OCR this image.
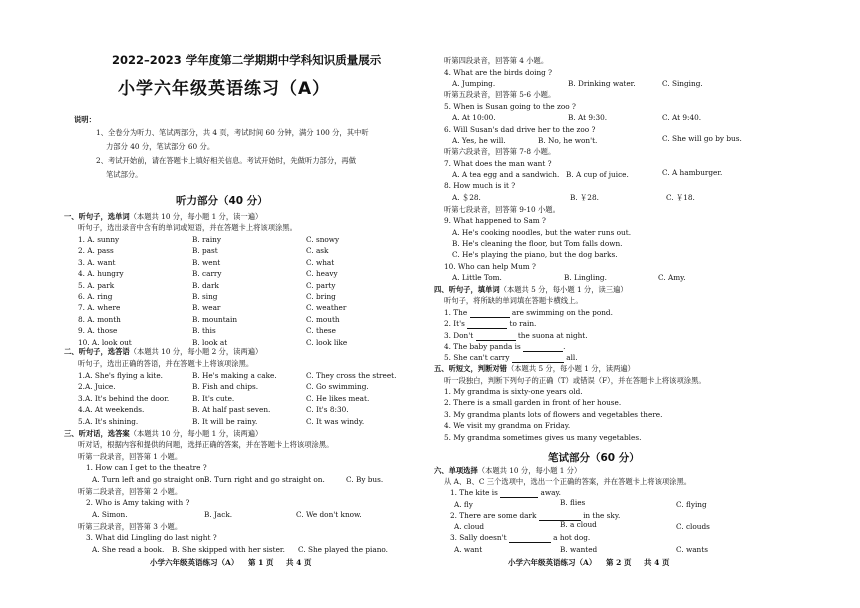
2022–2023 学年度第二学期期中学科知识质量展示
小学六年级英语练习（A）
说明：
1、全卷分为听力、笔试两部分，共 4 页，考试时间 60 分钟，满分 100 分，其中听
力部分 40 分，笔试部分 60 分。
2、考试开始前，请在答题卡上填好相关信息。考试开始时，先做听力部分，再做
笔试部分。
听力部分（40 分）
一、听句子，选单词（本题共 10 分，每小题 1 分，读一遍）
听句子，选出录音中含有的单词或短语，并在答题卡上将该项涂黑。
1. A. sunny	B. rainy	C. snowy
2. A. pass	B. past	C. ask
3. A. want	B. went	C. what
4. A. hungry	B. carry	C. heavy
5. A. park	B. dark	C. party
6. A. ring	B. sing	C. bring
7. A. where	B. wear	C. weather
8. A. month	B. mountain	C. mouth
9. A. those	B. this	C. these
10. A. look out	B. look at	C. look like
二、听句子，选答语（本题共 10 分，每小题 2 分，读两遍）
听句子，选出正确的答语，并在答题卡上将该项涂黑。
1.A. She's flying a kite.	B. He's making a cake.	C. They cross the street.
2.A. Juice.	B. Fish and chips.	C. Go swimming.
3.A. It's behind the door.	B. It's cute.	C. He likes meat.
4.A. At weekends.	B. At half past seven.	C. It's 8:30.
5.A. It's shining.	B. It will be rainy.	C. It was windy.
三、听对话，选答案（本题共 10 分，每小题 1 分，读两遍）
听对话，根据内容和提供的问题，选择正确的答案，并在答题卡上将该项涂黑。
听第一段录音，回答第 1 小题。
1. How can I get to the theatre ?
A. Turn left and go straight on.
B. Turn right and go straight on.	C. By bus.
听第二段录音，回答第 2 小题。
2. Who is Amy taking with ?
A. Simon.	B. Jack.	C. We don't know.
听第三段录音，回答第 3 小题。
3. What did Lingling do last night ?
A. She read a book. B. She skipped with her sister. C. She played the piano.
小学六年级英语练习（A） 第 1 页 共 4 页
听第四段录音，回答第 4 小题。
4. What are the birds doing ?
A. Jumping.	B. Drinking water.	C. Singing.
听第五段录音，回答第 5-6 小题。
5. When is Susan going to the zoo ?
A. At 10:00.	B. At 9:30.	C. At 9:40.
6. Will Susan's dad drive her to the zoo ?
A. Yes, he will.	B. No, he won't.	C. She will go by bus.
听第六段录音，回答第 7-8 小题。
7. What does the man want ?
A. A tea egg and a sandwich. B. A cup of juice.	C. A hamburger.
8. How much is it ?
A. ＄28.	B. ￥28.	C. ￥18.
听第七段录音，回答第 9-10 小题。
9. What happened to Sam ?
A. He's cooking noodles, but the water runs out.
B. He's cleaning the floor, but Tom falls down.
C. He's playing the piano, but the dog barks.
10. Who can help Mum ?
A. Little Tom.	B. Lingling.	C. Amy.
四、听句子，填单词（本题共 5 分，每小题 1 分，读三遍）
听句子，将所缺的单词填在答题卡横线上。
1. The	are swimming on the pond.
2. It's	to rain.
3. Don't	the suona at night.
4. The baby panda is	.
5. She can't carry	all.
五、听短文，判断对错（本题共 5 分，每小题 1 分，读两遍）
听一段独白，判断下列句子的正确（T）或错误（F），并在答题卡上将该项涂黑。
1. My grandma is sixty-one years old.
2. There is a small garden in front of her house.
3. My grandma plants lots of flowers and vegetables there.
4. We visit my grandma on Friday.
5. My grandma sometimes gives us many vegetables.
笔试部分（60 分）
六、单项选择（本题共 10 分，每小题 1 分）
从 A、B、C 三个选项中，选出一个正确的答案，并在答题卡上将该项涂黑。
1. The kite is	away.
A. fly	B. flies	C. flying
2. There are some dark	in the sky.
A. cloud	B. a cloud	C. clouds
3. Sally doesn't	a hot dog.
A. want	B. wanted	C. wants
小学六年级英语练习（A） 第 2 页 共 4 页
